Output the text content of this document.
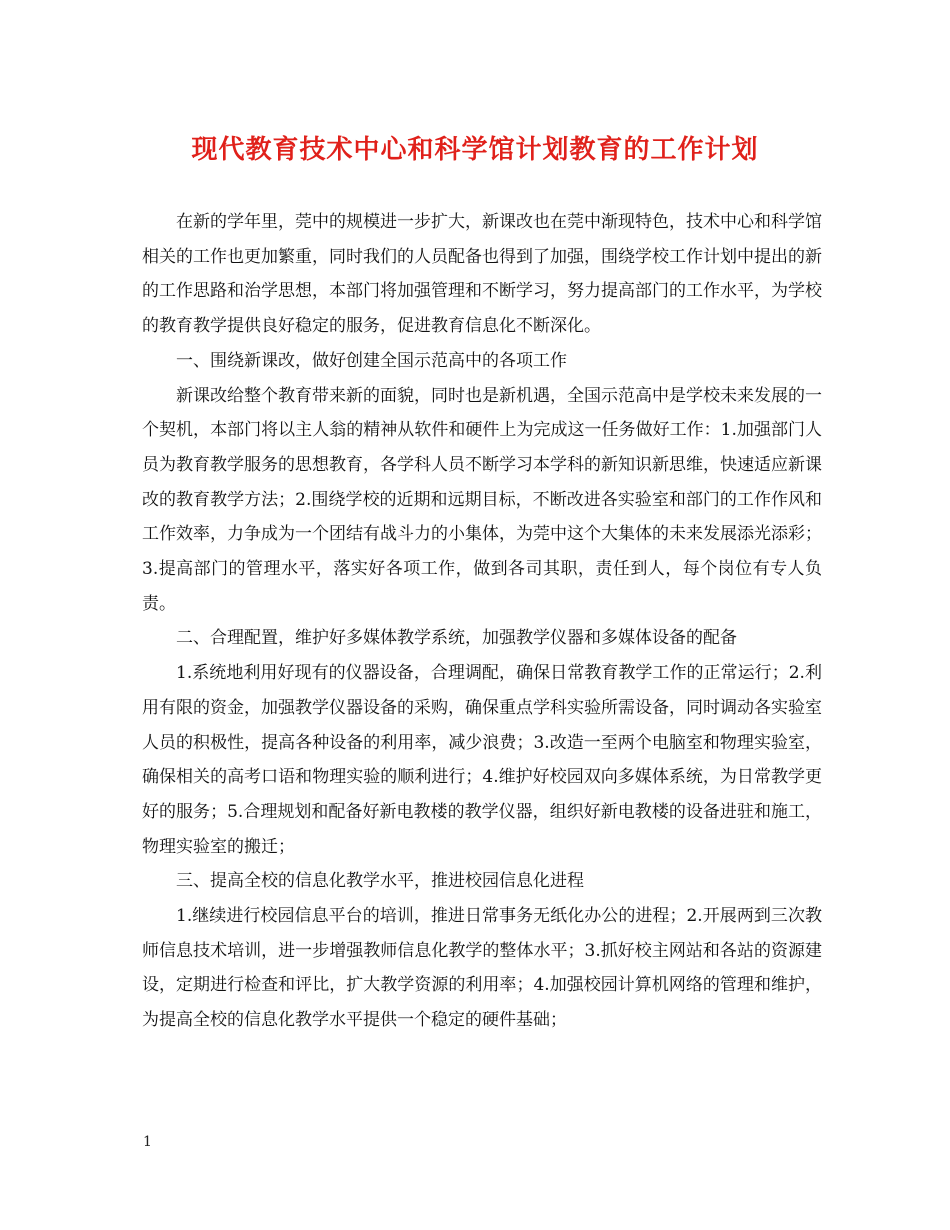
现代教育技术中心和科学馆计划教育的工作计划

在新的学年里，莞中的规模进一步扩大，新课改也在莞中渐现特色，技术中心和科学馆相关的工作也更加繁重，同时我们的人员配备也得到了加强，围绕学校工作计划中提出的新的工作思路和治学思想，本部门将加强管理和不断学习，努力提高部门的工作水平，为学校的教育教学提供良好稳定的服务，促进教育信息化不断深化。

一、围绕新课改，做好创建全国示范高中的各项工作

新课改给整个教育带来新的面貌，同时也是新机遇，全国示范高中是学校未来发展的一个契机，本部门将以主人翁的精神从软件和硬件上为完成这一任务做好工作：1.加强部门人员为教育教学服务的思想教育，各学科人员不断学习本学科的新知识新思维，快速适应新课改的教育教学方法；2.围绕学校的近期和远期目标，不断改进各实验室和部门的工作作风和工作效率，力争成为一个团结有战斗力的小集体，为莞中这个大集体的未来发展添光添彩；3.提高部门的管理水平，落实好各项工作，做到各司其职，责任到人，每个岗位有专人负责。

二、合理配置，维护好多媒体教学系统，加强教学仪器和多媒体设备的配备

1.系统地利用好现有的仪器设备，合理调配，确保日常教育教学工作的正常运行；2.利用有限的资金，加强教学仪器设备的采购，确保重点学科实验所需设备，同时调动各实验室人员的积极性，提高各种设备的利用率，减少浪费；3.改造一至两个电脑室和物理实验室，确保相关的高考口语和物理实验的顺利进行；4.维护好校园双向多媒体系统，为日常教学更好的服务；5.合理规划和配备好新电教楼的教学仪器，组织好新电教楼的设备进驻和施工，物理实验室的搬迁；

三、提高全校的信息化教学水平，推进校园信息化进程

1.继续进行校园信息平台的培训，推进日常事务无纸化办公的进程；2.开展两到三次教师信息技术培训，进一步增强教师信息化教学的整体水平；3.抓好校主网站和各站的资源建设，定期进行检查和评比，扩大教学资源的利用率；4.加强校园计算机网络的管理和维护，为提高全校的信息化教学水平提供一个稳定的硬件基础；

1
